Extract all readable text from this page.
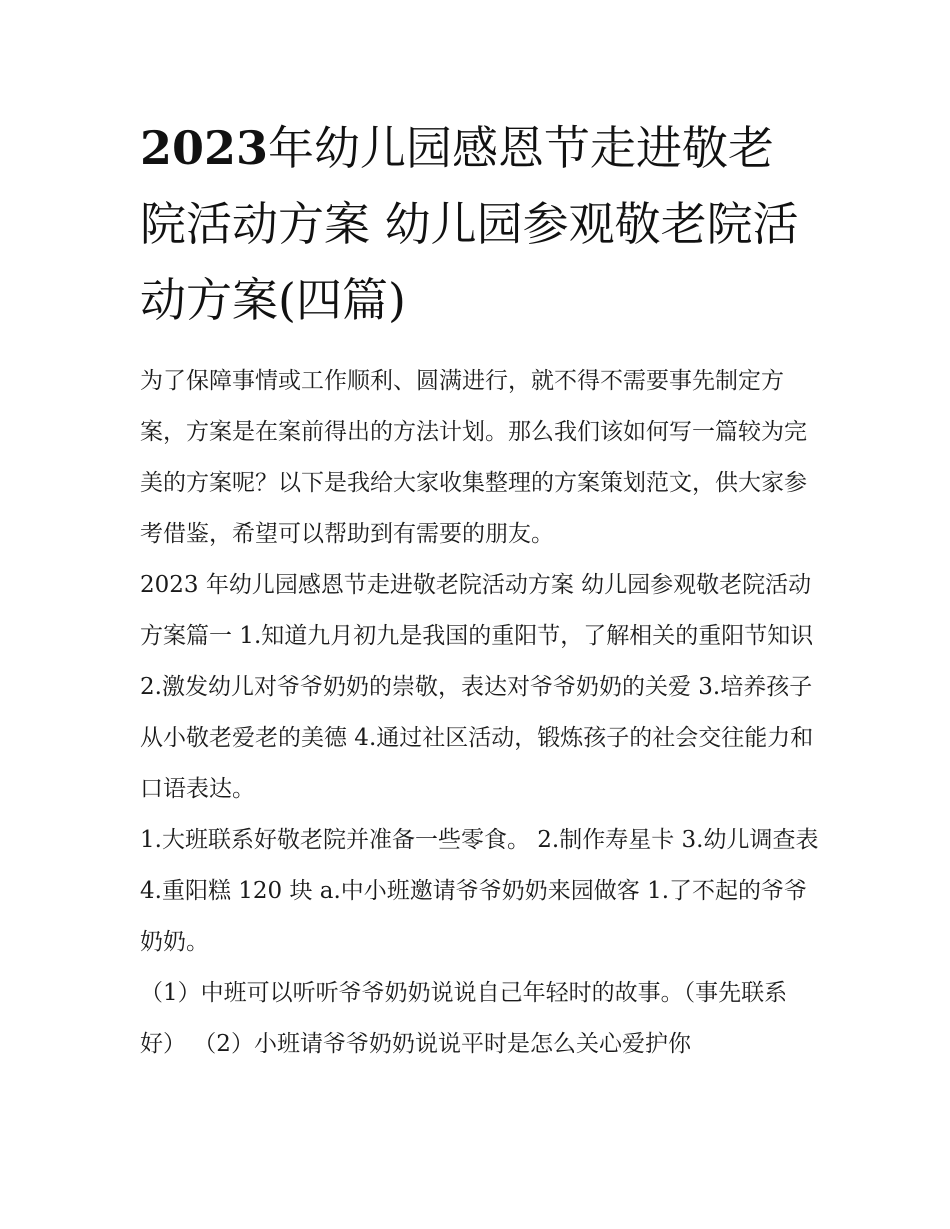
2023年幼儿园感恩节走进敬老院活动方案 幼儿园参观敬老院活动方案(四篇)

为了保障事情或工作顺利、圆满进行，就不得不需要事先制定方案，方案是在案前得出的方法计划。那么我们该如何写一篇较为完美的方案呢？以下是我给大家收集整理的方案策划范文，供大家参考借鉴，希望可以帮助到有需要的朋友。

2023 年幼儿园感恩节走进敬老院活动方案 幼儿园参观敬老院活动方案篇一 1.知道九月初九是我国的重阳节，了解相关的重阳节知识

2.激发幼儿对爷爷奶奶的崇敬，表达对爷爷奶奶的关爱 3.培养孩子从小敬老爱老的美德 4.通过社区活动，锻炼孩子的社会交往能力和口语表达。

1.大班联系好敬老院并准备一些零食。 2.制作寿星卡 3.幼儿调查表 4.重阳糕 120 块 a.中小班邀请爷爷奶奶来园做客 1.了不起的爷爷奶奶。

（1）中班可以听听爷爷奶奶说说自己年轻时的故事。（事先联系好） （2）小班请爷爷奶奶说说平时是怎么关心爱护你
